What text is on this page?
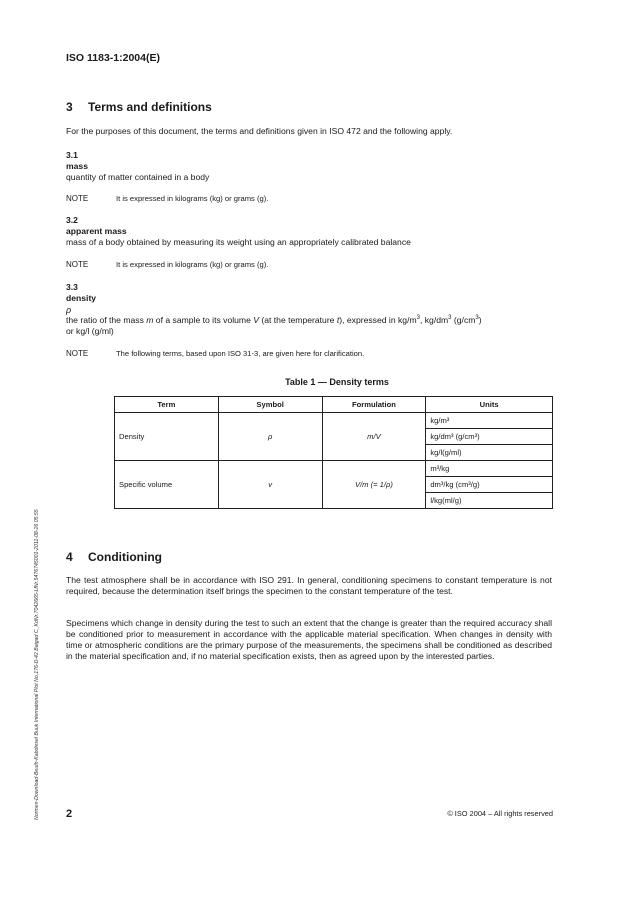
ISO 1183-1:2004(E)
3 Terms and definitions
For the purposes of this document, the terms and definitions given in ISO 472 and the following apply.
3.1
mass
quantity of matter contained in a body
NOTE	It is expressed in kilograms (kg) or grams (g).
3.2
apparent mass
mass of a body obtained by measuring its weight using an appropriately calibrated balance
NOTE	It is expressed in kilograms (kg) or grams (g).
3.3
density
ρ
the ratio of the mass m of a sample to its volume V (at the temperature t), expressed in $kg/m^3$, $kg/dm^3$ $(g/cm^3)$
or kg/l (g/ml)
NOTE	The following terms, based upon ISO 31-3, are given here for clarification.
Table 1 — Density terms
Term	Symbol	Formulation	Units
Density	ρ	m/V	kg/m³
			kg/dm³ (g/cm³)
			kg/l(g/ml)
Specific volume	v	V/m (= 1/ρ)	m³/kg
			dm³/kg (cm³/g)
			l/kg(ml/g)
4 Conditioning
The test atmosphere shall be in accordance with ISO 291. In general, conditioning specimens to constant temperature is not required, because the determination itself brings the specimen to the constant temperature of the test.
Specimens which change in density during the test to such an extent that the change is greater than the required accuracy shall be conditioned prior to measurement in accordance with the applicable material specification. When changes in density with time or atmospheric conditions are the primary purpose of the measurements, the specimens shall be conditioned as described in the material specification and, if no material specification exists, then as agreed upon by the interested parties.
Normen-Download-Beuth-Kabdiesel Buuk International Plot No.176-D-42 Baigad C_KdNr.7042665-LfNr.5476745001-2011-08-26 05:55 2	© ISO 2004 – All rights reserved
